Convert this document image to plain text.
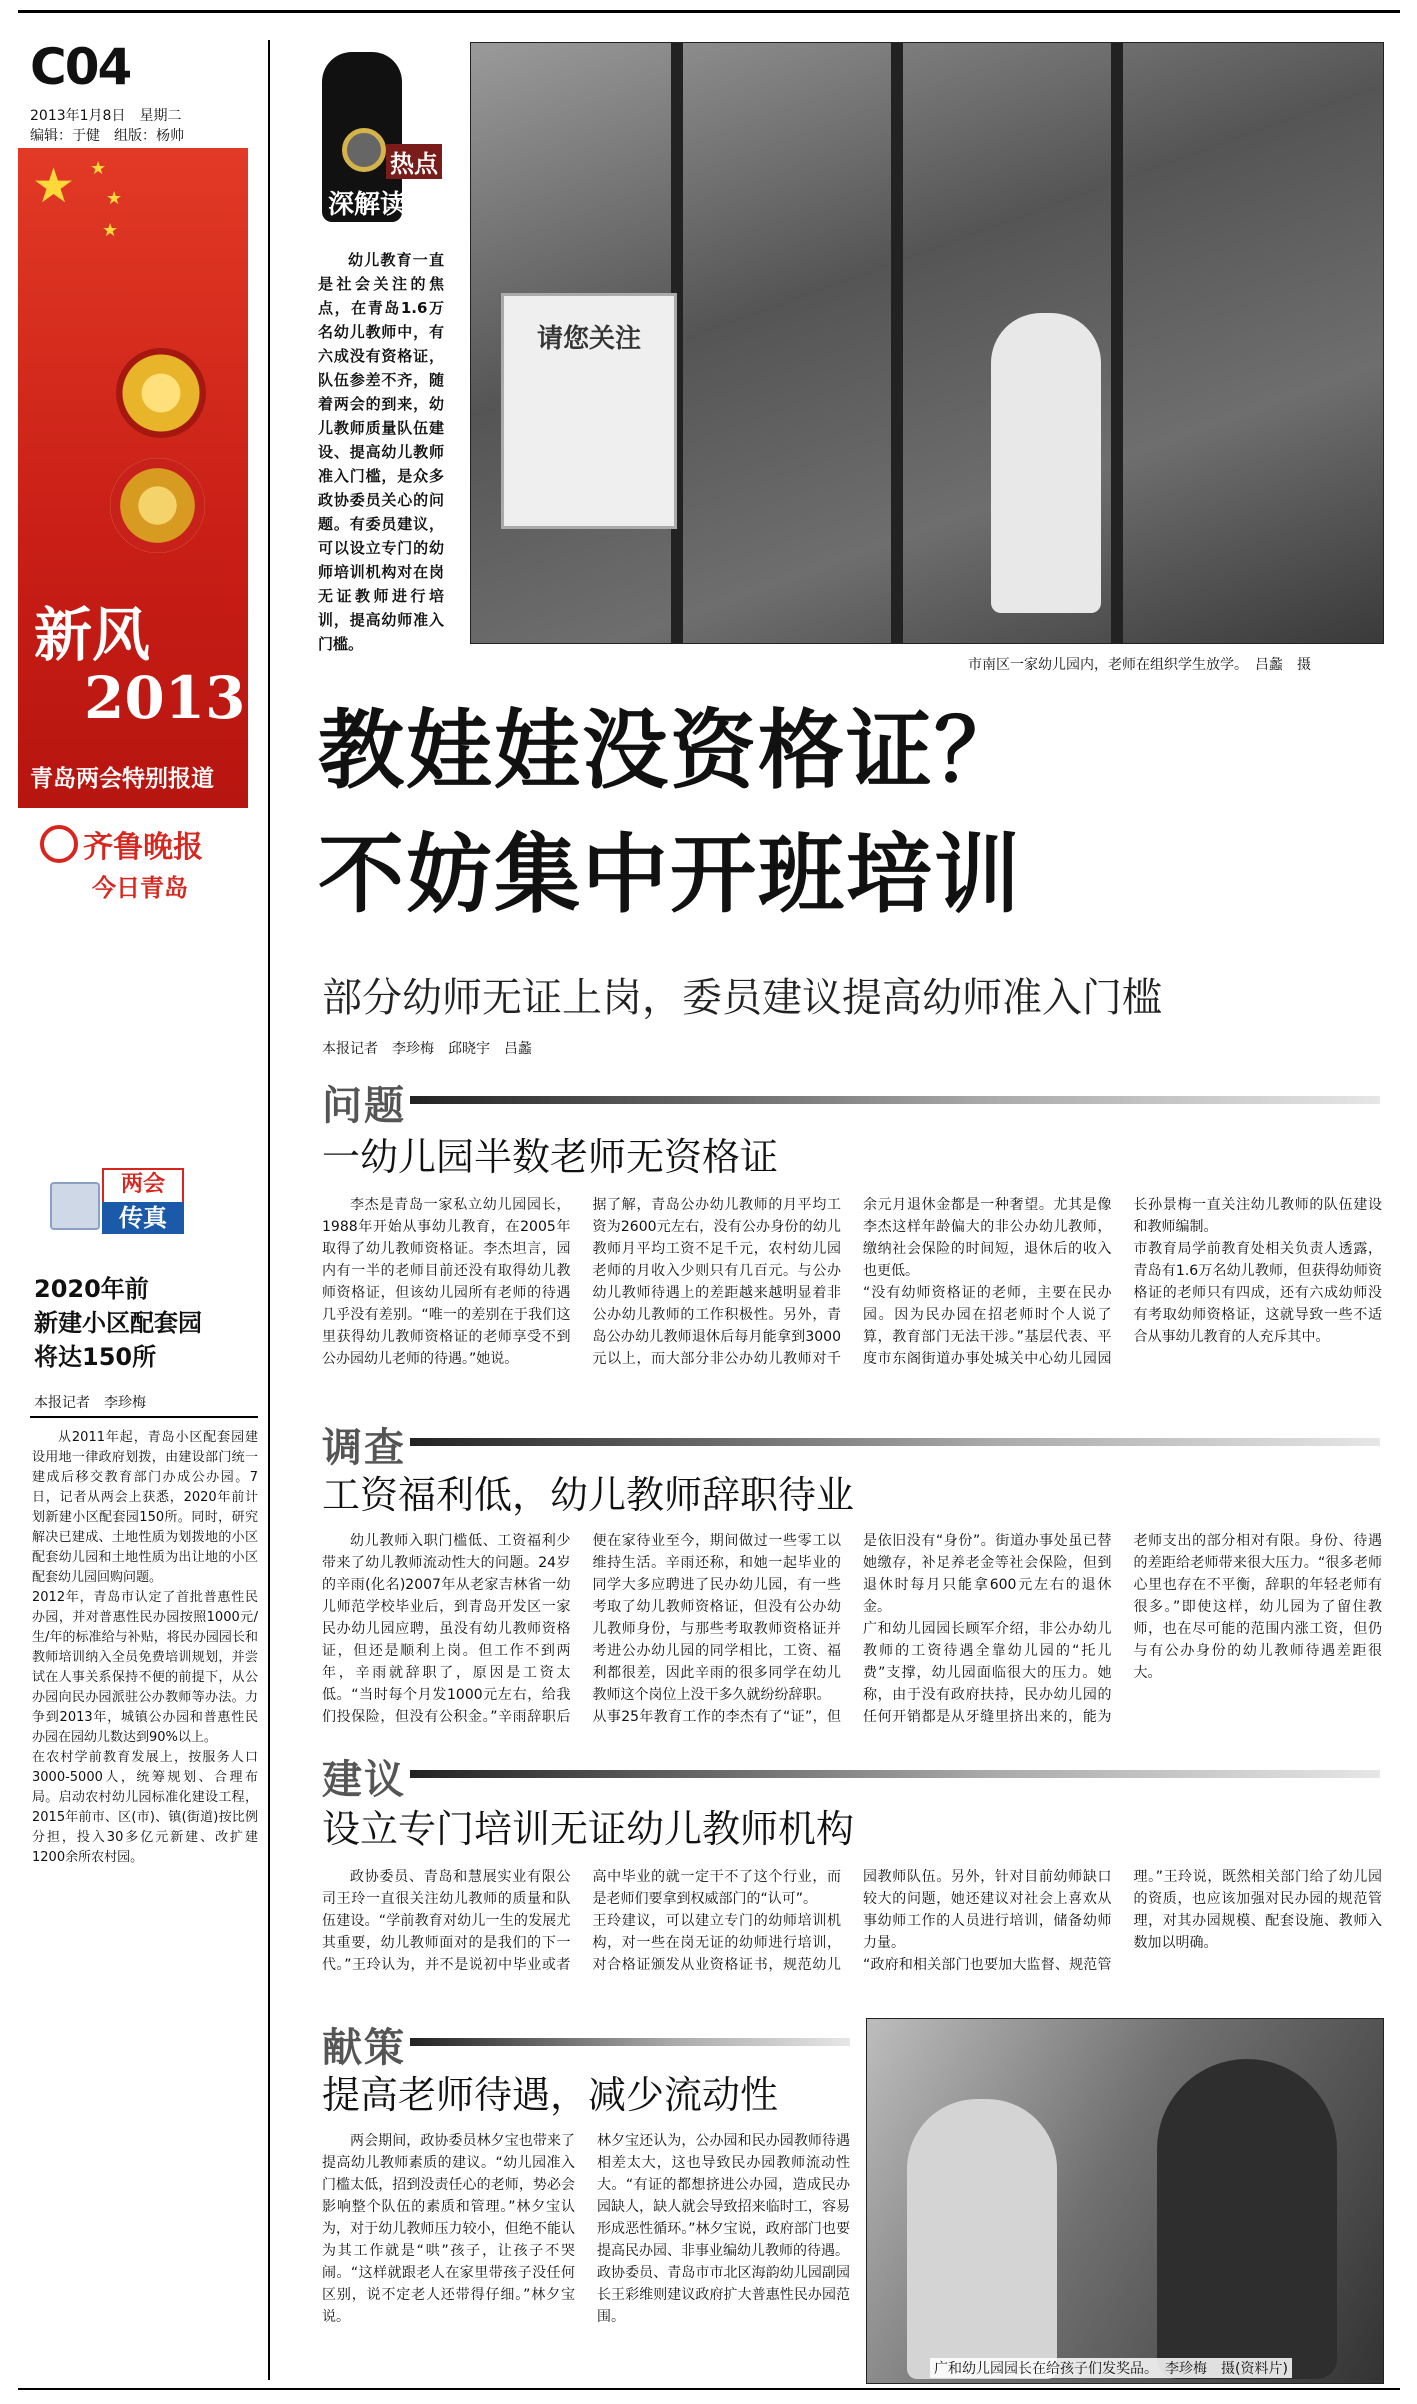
C04
2013年1月8日　星期二
编辑：于健　组版：杨帅
★ ★
★
★
新风
2013
青岛两会特别报道
齐鲁晚报
今日青岛
两会
传真
2020年前
新建小区配套园
将达150所
本报记者　李珍梅
从2011年起，青岛小区配套园建设用地一律政府划拨，由建设部门统一建成后移交教育部门办成公办园。7日，记者从两会上获悉，2020年前计划新建小区配套园150所。同时，研究解决已建成、土地性质为划拨地的小区配套幼儿园和土地性质为出让地的小区配套幼儿园回购问题。
2012年，青岛市认定了首批普惠性民办园，并对普惠性民办园按照1000元/生/年的标准给与补贴，将民办园园长和教师培训纳入全员免费培训规划，并尝试在人事关系保持不便的前提下，从公办园向民办园派驻公办教师等办法。力争到2013年，城镇公办园和普惠性民办园在园幼儿数达到90%以上。
在农村学前教育发展上，按服务人口3000-5000人，统筹规划、合理布局。启动农村幼儿园标准化建设工程，2015年前市、区(市)、镇(街道)按比例分担，投入30多亿元新建、改扩建1200余所农村园。
热点
深解读
幼儿教育一直是社会关注的焦点，在青岛1.6万名幼儿教师中，有六成没有资格证，队伍参差不齐，随着两会的到来，幼儿教师质量队伍建设、提高幼儿教师准入门槛，是众多政协委员关心的问题。有委员建议，可以设立专门的幼师培训机构对在岗无证教师进行培训，提高幼师准入门槛。
请您关注
市南区一家幼儿园内，老师在组织学生放学。　吕蠡　摄
教娃娃没资格证？
不妨集中开班培训
部分幼师无证上岗，委员建议提高幼师准入门槛
本报记者　李珍梅　邱晓宇　吕蠡
问题
一幼儿园半数老师无资格证
李杰是青岛一家私立幼儿园园长，1988年开始从事幼儿教育，在2005年取得了幼儿教师资格证。李杰坦言，园内有一半的老师目前还没有取得幼儿教师资格证，但该幼儿园所有老师的待遇几乎没有差别。“唯一的差别在于我们这里获得幼儿教师资格证的老师享受不到公办园幼儿老师的待遇。”她说。
据了解，青岛公办幼儿教师的月平均工资为2600元左右，没有公办身份的幼儿教师月平均工资不足千元，农村幼儿园老师的月收入少则只有几百元。与公办幼儿教师待遇上的差距越来越明显着非公办幼儿教师的工作积极性。另外，青岛公办幼儿教师退休后每月能拿到3000元以上，而大部分非公办幼儿教师对千余元月退休金都是一种奢望。尤其是像李杰这样年龄偏大的非公办幼儿教师，缴纳社会保险的时间短，退休后的收入也更低。
“没有幼师资格证的老师，主要在民办园。因为民办园在招老师时个人说了算，教育部门无法干涉。”基层代表、平度市东阁街道办事处城关中心幼儿园园长孙景梅一直关注幼儿教师的队伍建设和教师编制。
市教育局学前教育处相关负责人透露，青岛有1.6万名幼儿教师，但获得幼师资格证的老师只有四成，还有六成幼师没有考取幼师资格证，这就导致一些不适合从事幼儿教育的人充斥其中。
调查
工资福利低，幼儿教师辞职待业
幼儿教师入职门槛低、工资福利少带来了幼儿教师流动性大的问题。24岁的辛雨(化名)2007年从老家吉林省一幼儿师范学校毕业后，到青岛开发区一家民办幼儿园应聘，虽没有幼儿教师资格证，但还是顺利上岗。但工作不到两年，辛雨就辞职了，原因是工资太低。“当时每个月发1000元左右，给我们投保险，但没有公积金。”辛雨辞职后便在家待业至今，期间做过一些零工以维持生活。辛雨还称，和她一起毕业的同学大多应聘进了民办幼儿园，有一些考取了幼儿教师资格证，但没有公办幼儿教师身份，与那些考取教师资格证并考进公办幼儿园的同学相比，工资、福利都很差，因此辛雨的很多同学在幼儿教师这个岗位上没干多久就纷纷辞职。
从事25年教育工作的李杰有了“证”，但是依旧没有“身份”。街道办事处虽已替她缴存，补足养老金等社会保险，但到退休时每月只能拿600元左右的退休金。
广和幼儿园园长顾军介绍，非公办幼儿教师的工资待遇全靠幼儿园的“托儿费”支撑，幼儿园面临很大的压力。她称，由于没有政府扶持，民办幼儿园的任何开销都是从牙缝里挤出来的，能为老师支出的部分相对有限。身份、待遇的差距给老师带来很大压力。“很多老师心里也存在不平衡，辞职的年轻老师有很多。”即使这样，幼儿园为了留住教师，也在尽可能的范围内涨工资，但仍与有公办身份的幼儿教师待遇差距很大。
建议
设立专门培训无证幼儿教师机构
政协委员、青岛和慧展实业有限公司王玲一直很关注幼儿教师的质量和队伍建设。“学前教育对幼儿一生的发展尤其重要，幼儿教师面对的是我们的下一代。”王玲认为，并不是说初中毕业或者高中毕业的就一定干不了这个行业，而是老师们要拿到权威部门的“认可”。
王玲建议，可以建立专门的幼师培训机构，对一些在岗无证的幼师进行培训，对合格证颁发从业资格证书，规范幼儿园教师队伍。另外，针对目前幼师缺口较大的问题，她还建议对社会上喜欢从事幼师工作的人员进行培训，储备幼师力量。
“政府和相关部门也要加大监督、规范管理。”王玲说，既然相关部门给了幼儿园的资质，也应该加强对民办园的规范管理，对其办园规模、配套设施、教师入数加以明确。
献策
提高老师待遇，减少流动性
两会期间，政协委员林夕宝也带来了提高幼儿教师素质的建议。“幼儿园准入门槛太低，招到没责任心的老师，势必会影响整个队伍的素质和管理。”林夕宝认为，对于幼儿教师压力较小，但绝不能认为其工作就是“哄”孩子，让孩子不哭闹。“这样就跟老人在家里带孩子没任何区别，说不定老人还带得仔细。”林夕宝说。
林夕宝还认为，公办园和民办园教师待遇相差太大，这也导致民办园教师流动性大。“有证的都想挤进公办园，造成民办园缺人，缺人就会导致招来临时工，容易形成恶性循环。”林夕宝说，政府部门也要提高民办园、非事业编幼儿教师的待遇。
政协委员、青岛市市北区海韵幼儿园副园长王彩维则建议政府扩大普惠性民办园范围。
广和幼儿园园长在给孩子们发奖品。　李珍梅　摄(资料片)
